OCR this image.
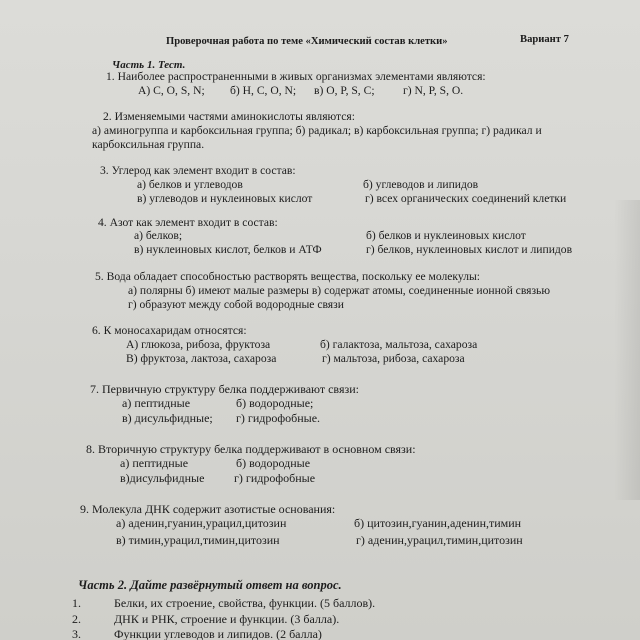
Проверочная работа по теме «Химический состав клетки»	Вариант 7
Часть 1. Тест.
1. Наиболее распространенными в живых организмах элементами являются:
А) C, O, S, N; б) H, C, O, N; в) O, P, S, C; г) N, P, S, O.
2. Изменяемыми частями аминокислоты являются:
а) аминогруппа и карбоксильная группа; б) радикал; в) карбоксильная группа; г) радикал и
карбоксильная группа.
3. Углерод как элемент входит в состав:
а) белков и углеводов	б) углеводов и липидов
в) углеводов и нуклеиновых кислот	г) всех органических соединений клетки
4. Азот как элемент входит в состав:
а) белков;	б) белков и нуклеиновых кислот
в) нуклеиновых кислот, белков и АТФ	г) белков, нуклеиновых кислот и липидов
5. Вода обладает способностью растворять вещества, поскольку ее молекулы:
а) полярны б) имеют малые размеры в) содержат атомы, соединенные ионной связью
г) образуют между собой водородные связи
6. К моносахаридам относятся:
А) глюкоза, рибоза, фруктоза	б) галактоза, мальтоза, сахароза
В) фруктоза, лактоза, сахароза	г) мальтоза, рибоза, сахароза
7. Первичную структуру белка поддерживают связи:
а) пептидные	б) водородные;
в) дисульфидные; г) гидрофобные.
8. Вторичную структуру белка поддерживают в основном связи:
а) пептидные	б) водородные
в)дисульфидные г) гидрофобные
9. Молекула ДНК содержит азотистые основания:
а) аденин,гуанин,урацил,цитозин	б) цитозин,гуанин,аденин,тимин
в) тимин,урацил,тимин,цитозин	г) аденин,урацил,тимин,цитозин
Часть 2. Дайте развёрнутый ответ на вопрос.
1.	Белки, их строение, свойства, функции. (5 баллов).
2.	ДНК и РНК, строение и функции. (3 балла).
3.	Функции углеводов и липидов. (2 балла)
